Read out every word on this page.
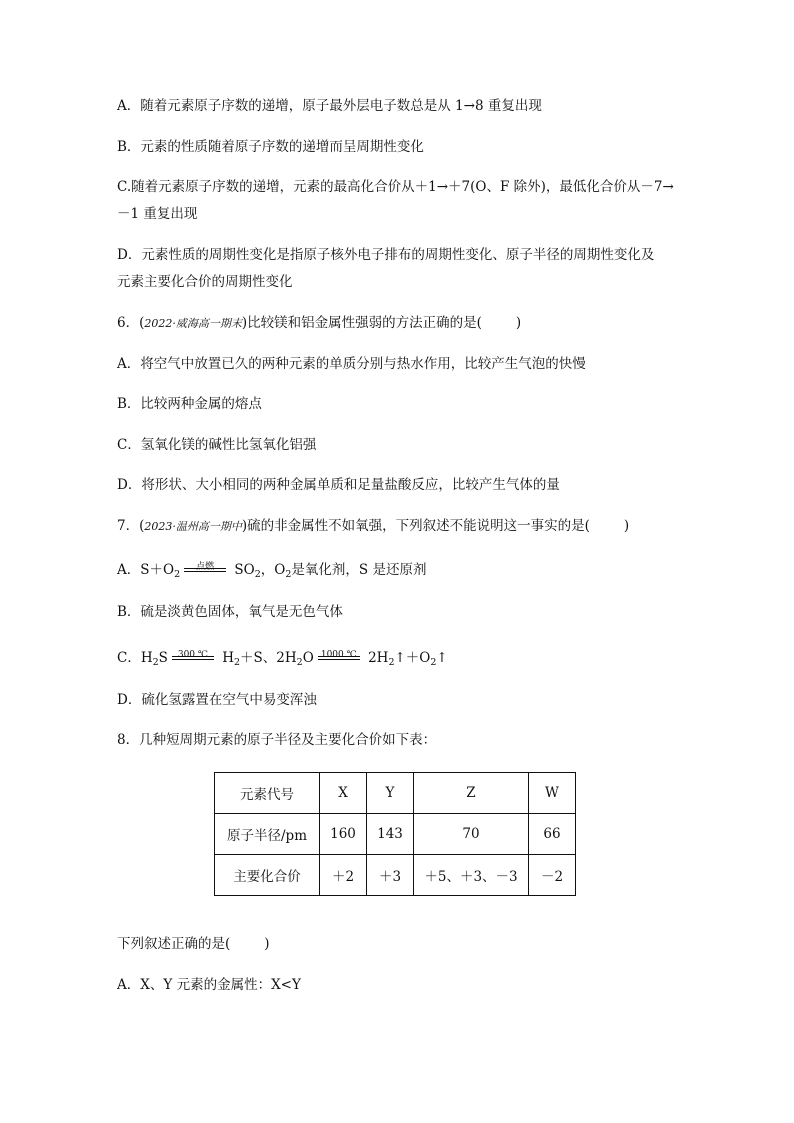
A．随着元素原子序数的递增，原子最外层电子数总是从 1→8 重复出现
B．元素的性质随着原子序数的递增而呈周期性变化
C.随着元素原子序数的递增，元素的最高化合价从＋1→＋7(O、F 除外)，最低化合价从－7→
－1 重复出现
D．元素性质的周期性变化是指原子核外电子排布的周期性变化、原子半径的周期性变化及
元素主要化合价的周期性变化
6．(2022·威海高一期末)比较镁和铝金属性强弱的方法正确的是(	)
A．将空气中放置已久的两种元素的单质分别与热水作用，比较产生气泡的快慢
B．比较两种金属的熔点
C．氢氧化镁的碱性比氢氧化铝强
D．将形状、大小相同的两种金属单质和足量盐酸反应，比较产生气体的量
7．(2023·温州高一期中)硫的非金属性不如氧强，下列叙述不能说明这一事实的是(	)
A．$S+O_2$
点燃	$SO_2$，$O_2$是氧化剂，S 是还原剂
B．硫是淡黄色固体，氧气是无色气体
C．$H_2S$	300 ℃ $H_2+S$、$2H_2O$ 1000 ℃ $2H_2↑+O_2↑$
D．硫化氢露置在空气中易变浑浊
8．几种短周期元素的原子半径及主要化合价如下表：
元素代号	X	Y	Z	W
原子半径/pm	160	143	70	66
主要化合价	＋2	＋3	＋5、＋3、－3	－2
下列叙述正确的是(	)
A．X、Y 元素的金属性：X<Y
